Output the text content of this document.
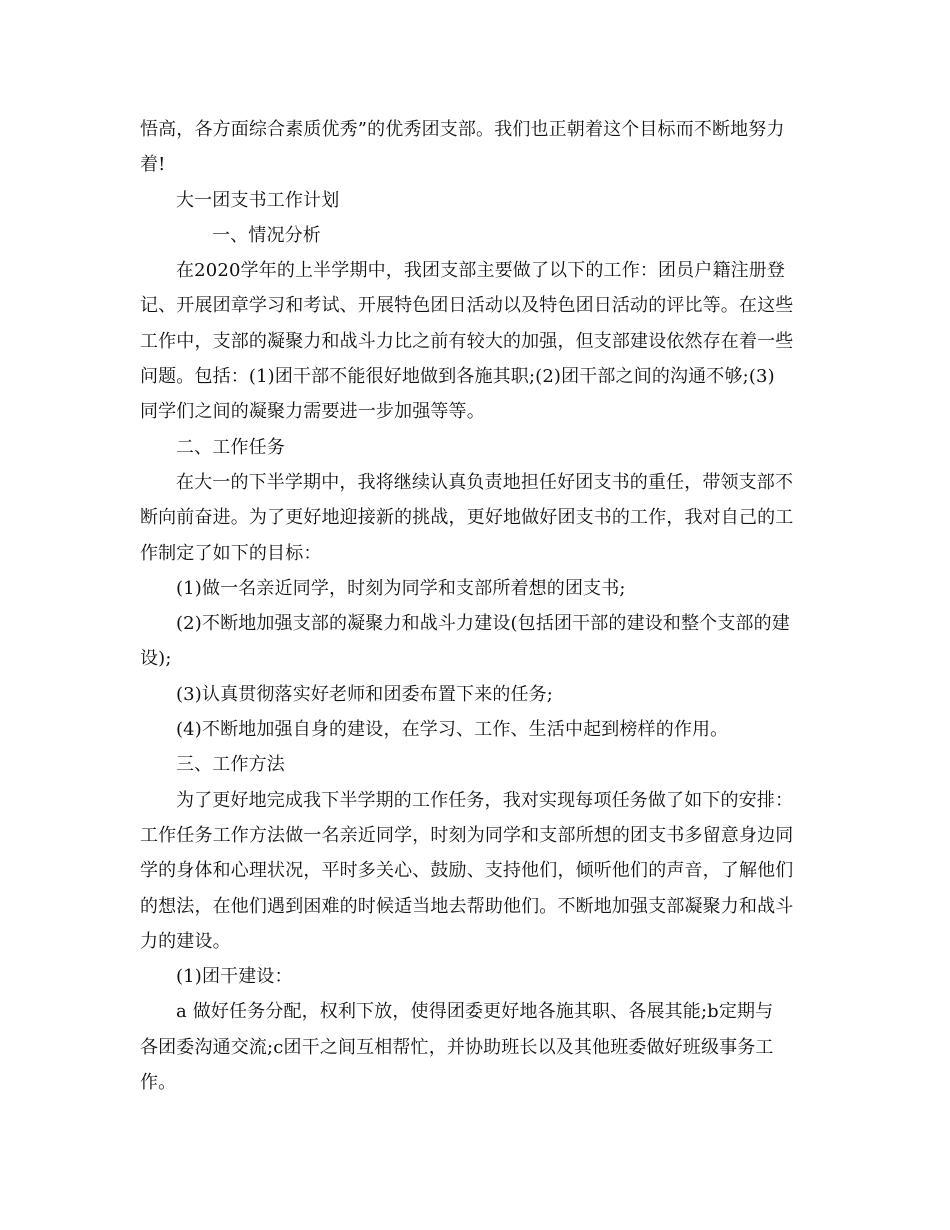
悟高，各方面综合素质优秀”的优秀团支部。我们也正朝着这个目标而不断地努力
着!
大一团支书工作计划
一、情况分析
在2020学年的上半学期中，我团支部主要做了以下的工作：团员户籍注册登
记、开展团章学习和考试、开展特色团日活动以及特色团日活动的评比等。在这些
工作中，支部的凝聚力和战斗力比之前有较大的加强，但支部建设依然存在着一些
问题。包括：(1)团干部不能很好地做到各施其职;(2)团干部之间的沟通不够;(3)
同学们之间的凝聚力需要进一步加强等等。
二、工作任务
在大一的下半学期中，我将继续认真负责地担任好团支书的重任，带领支部不
断向前奋进。为了更好地迎接新的挑战，更好地做好团支书的工作，我对自己的工
作制定了如下的目标：
(1)做一名亲近同学，时刻为同学和支部所着想的团支书;
(2)不断地加强支部的凝聚力和战斗力建设(包括团干部的建设和整个支部的建
设);
(3)认真贯彻落实好老师和团委布置下来的任务;
(4)不断地加强自身的建设，在学习、工作、生活中起到榜样的作用。
三、工作方法
为了更好地完成我下半学期的工作任务，我对实现每项任务做了如下的安排：
工作任务工作方法做一名亲近同学，时刻为同学和支部所想的团支书多留意身边同
学的身体和心理状况，平时多关心、鼓励、支持他们，倾听他们的声音，了解他们
的想法，在他们遇到困难的时候适当地去帮助他们。不断地加强支部凝聚力和战斗
力的建设。
(1)团干建设：
a 做好任务分配，权利下放，使得团委更好地各施其职、各展其能;b定期与
各团委沟通交流;c团干之间互相帮忙，并协助班长以及其他班委做好班级事务工
作。
